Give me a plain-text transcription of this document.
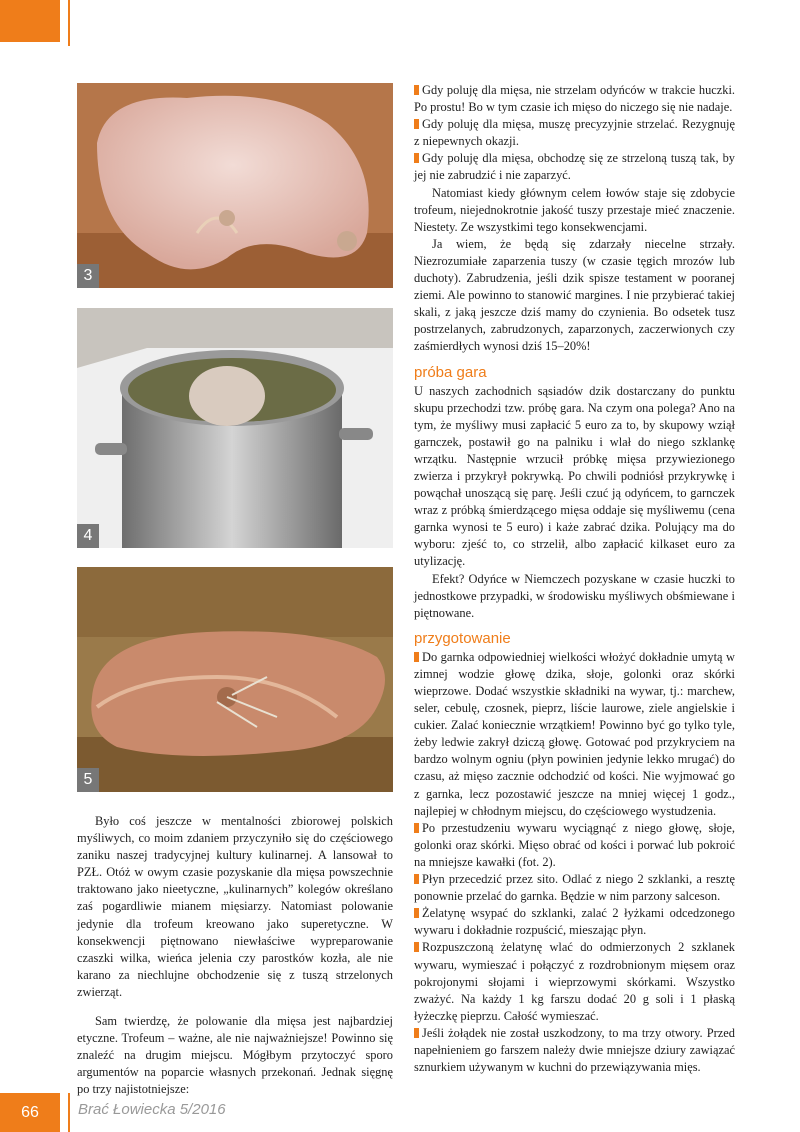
3
4
5

Było coś jeszcze w mentalności zbiorowej polskich myśliwych, co moim zdaniem przyczyniło się do częściowego zaniku naszej tradycyjnej kultury kulinarnej. A lansował to PZŁ. Otóż w owym czasie pozyskanie dla mięsa powszechnie traktowano jako nieetyczne, „kulinarnych” kolegów określano zaś pogardliwie mianem mięsiarzy. Natomiast polowanie jedynie dla trofeum kreowano jako superetyczne. W konsekwencji piętnowano niewłaściwe wypreparowanie czaszki wilka, wieńca jelenia czy parostków kozła, ale nie karano za niechlujne obchodzenie się z tuszą strzelonych zwierząt.

Sam twierdzę, że polowanie dla mięsa jest najbardziej etyczne. Trofeum – ważne, ale nie najważniejsze! Powinno się znaleźć na drugim miejscu. Mógłbym przytoczyć sporo argumentów na poparcie własnych przekonań. Jednak sięgnę po trzy najistotniejsze:

Gdy poluję dla mięsa, nie strzelam odyńców w trakcie huczki. Po prostu! Bo w tym czasie ich mięso do niczego się nie nadaje.

Gdy poluję dla mięsa, muszę precyzyjnie strzelać. Rezygnuję z niepewnych okazji.

Gdy poluję dla mięsa, obchodzę się ze strzeloną tuszą tak, by jej nie zabrudzić i nie zaparzyć.

Natomiast kiedy głównym celem łowów staje się zdobycie trofeum, niejednokrotnie jakość tuszy przestaje mieć znaczenie. Niestety. Ze wszystkimi tego konsekwencjami.

Ja wiem, że będą się zdarzały niecelne strzały. Niezrozumiałe zaparzenia tuszy (w czasie tęgich mrozów lub duchoty). Zabrudzenia, jeśli dzik spisze testament w pooranej ziemi. Ale powinno to stanowić margines. I nie przybierać takiej skali, z jaką jeszcze dziś mamy do czynienia. Bo odsetek tusz postrzelanych, zabrudzonych, zaparzonych, zaczerwionych czy zaśmierdłych wynosi dziś 15–20%!

próba gara

U naszych zachodnich sąsiadów dzik dostarczany do punktu skupu przechodzi tzw. próbę gara. Na czym ona polega? Ano na tym, że myśliwy musi zapłacić 5 euro za to, by skupowy wziął garnczek, postawił go na palniku i wlał do niego szklankę wrzątku. Następnie wrzucił próbkę mięsa przywiezionego zwierza i przykrył pokrywką. Po chwili podniósł przykrywkę i powąchał unoszącą się parę. Jeśli czuć ją odyńcem, to garnczek wraz z próbką śmierdzącego mięsa oddaje się myśliwemu (cena garnka wynosi te 5 euro) i każe zabrać dzika. Polujący ma do wyboru: zjeść to, co strzelił, albo zapłacić kilkaset euro za utylizację.

Efekt? Odyńce w Niemczech pozyskane w czasie huczki to jednostkowe przypadki, w środowisku myśliwych obśmiewane i piętnowane.

przygotowanie

Do garnka odpowiedniej wielkości włożyć dokładnie umytą w zimnej wodzie głowę dzika, słoje, golonki oraz skórki wieprzowe. Dodać wszystkie składniki na wywar, tj.: marchew, seler, cebulę, czosnek, pieprz, liście laurowe, ziele angielskie i cukier. Zalać koniecznie wrzątkiem! Powinno być go tylko tyle, żeby ledwie zakrył dziczą głowę. Gotować pod przykryciem na bardzo wolnym ogniu (płyn powinien jedynie lekko mrugać) do czasu, aż mięso zacznie odchodzić od kości. Nie wyjmować go z garnka, lecz pozostawić jeszcze na mniej więcej 1 godz., najlepiej w chłodnym miejscu, do częściowego wystudzenia.

Po przestudzeniu wywaru wyciągnąć z niego głowę, słoje, golonki oraz skórki. Mięso obrać od kości i porwać lub pokroić na mniejsze kawałki (fot. 2).

Płyn przecedzić przez sito. Odlać z niego 2 szklanki, a resztę ponownie przelać do garnka. Będzie w nim parzony salceson.

Żelatynę wsypać do szklanki, zalać 2 łyżkami odcedzonego wywaru i dokładnie rozpuścić, mieszając płyn.

Rozpuszczoną żelatynę wlać do odmierzonych 2 szklanek wywaru, wymieszać i połączyć z rozdrobnionym mięsem oraz pokrojonymi słojami i wieprzowymi skórkami. Wszystko zważyć. Na każdy 1 kg farszu dodać 20 g soli i 1 płaską łyżeczkę pieprzu. Całość wymieszać.

Jeśli żołądek nie został uszkodzony, to ma trzy otwory. Przed napełnieniem go farszem należy dwie mniejsze dziury zawiązać sznurkiem używanym w kuchni do przewiązywania mięs.

66	Brać Łowiecka 5/2016
